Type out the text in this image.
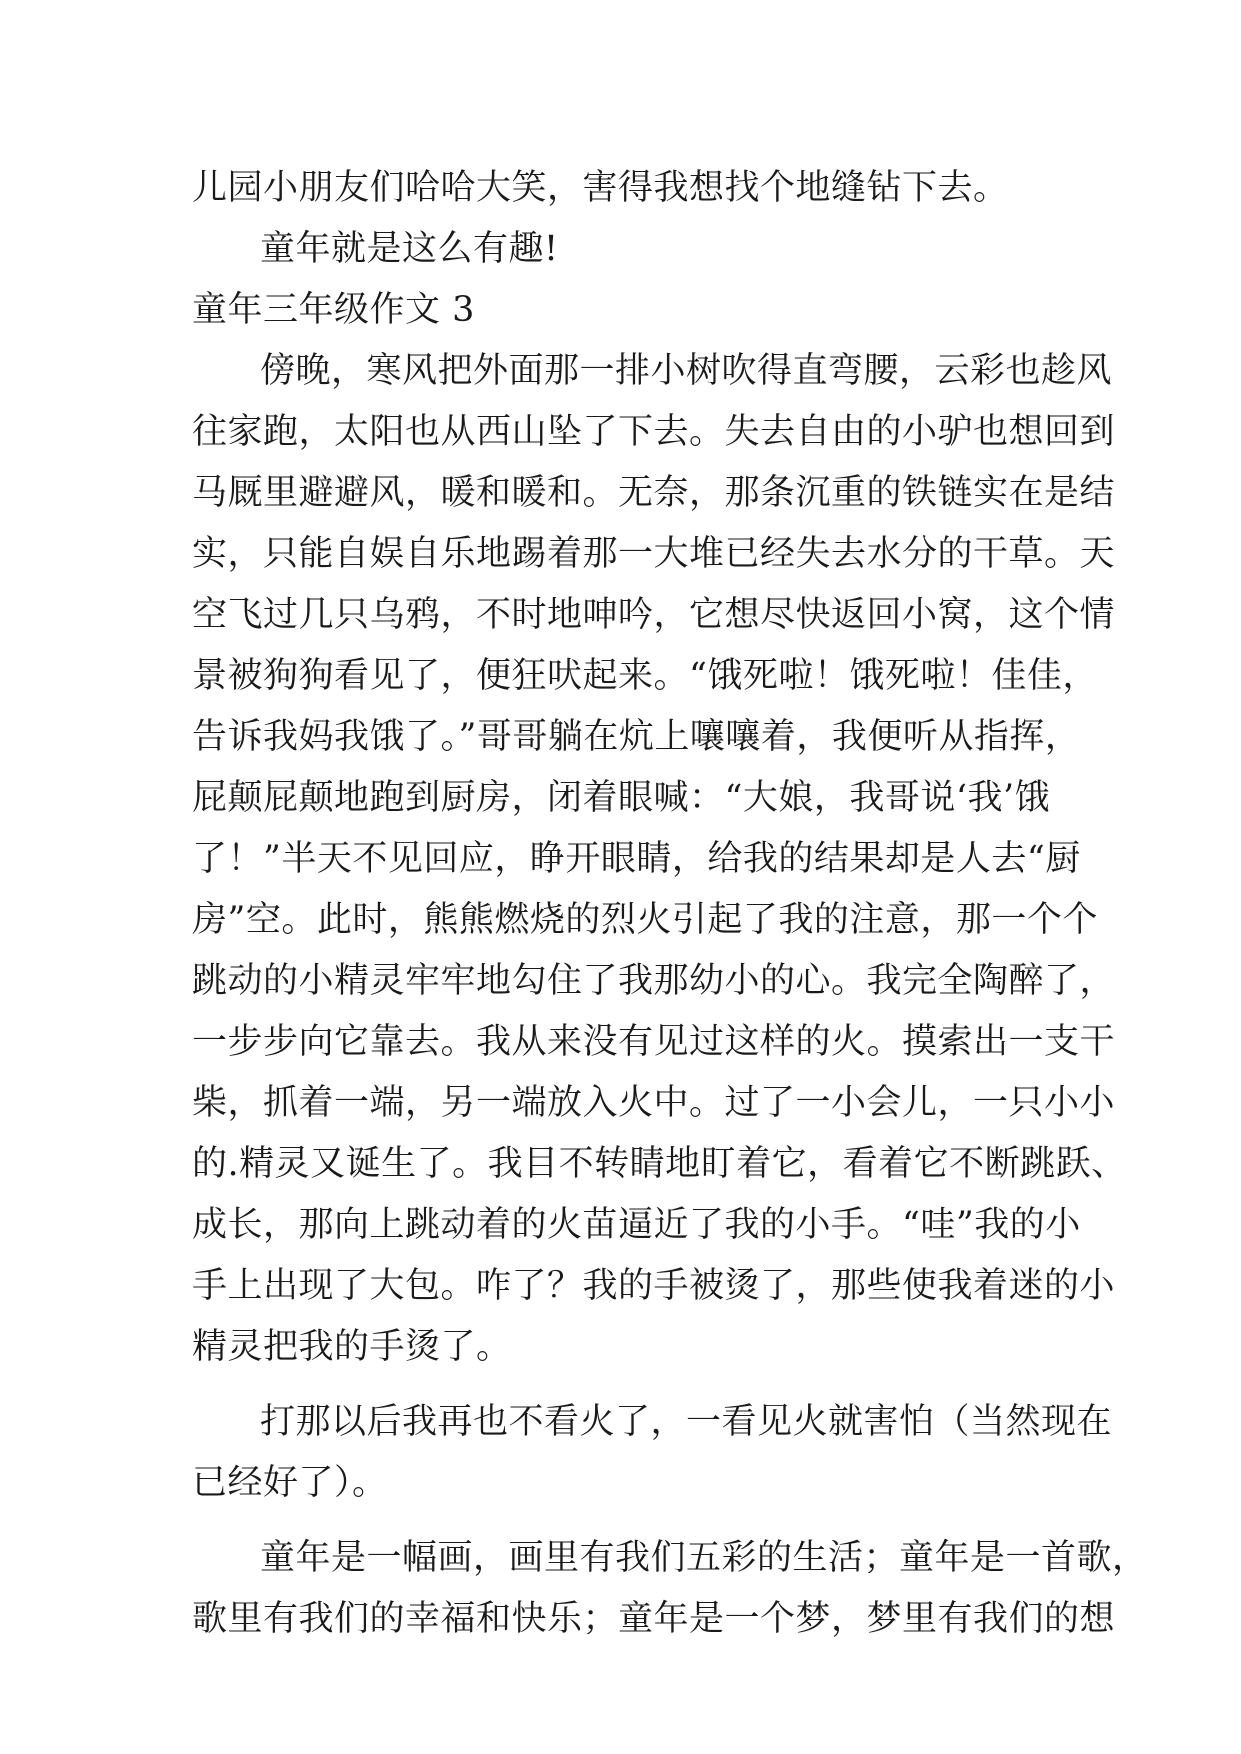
儿园小朋友们哈哈大笑，害得我想找个地缝钻下去。
童年就是这么有趣!
童年三年级作文 3
傍晚，寒风把外面那一排小树吹得直弯腰，云彩也趁风
往家跑，太阳也从西山坠了下去。失去自由的小驴也想回到
马厩里避避风，暖和暖和。无奈，那条沉重的铁链实在是结
实，只能自娱自乐地踢着那一大堆已经失去水分的干草。天
空飞过几只乌鸦，不时地呻吟，它想尽快返回小窝，这个情
景被狗狗看见了，便狂吠起来。“饿死啦！饿死啦！佳佳，
告诉我妈我饿了。”哥哥躺在炕上嚷嚷着，我便听从指挥，
屁颠屁颠地跑到厨房，闭着眼喊：“大娘，我哥说‘我’饿
了！”半天不见回应，睁开眼睛，给我的结果却是人去“厨
房”空。此时，熊熊燃烧的烈火引起了我的注意，那一个个
跳动的小精灵牢牢地勾住了我那幼小的心。我完全陶醉了，
一步步向它靠去。我从来没有见过这样的火。摸索出一支干
柴，抓着一端，另一端放入火中。过了一小会儿，一只小小
的.精灵又诞生了。我目不转睛地盯着它，看着它不断跳跃、
成长，那向上跳动着的火苗逼近了我的小手。“哇”我的小
手上出现了大包。咋了？我的手被烫了，那些使我着迷的小
精灵把我的手烫了。
打那以后我再也不看火了，一看见火就害怕（当然现在
已经好了）。
童年是一幅画，画里有我们五彩的生活；童年是一首歌，
歌里有我们的幸福和快乐；童年是一个梦，梦里有我们的想
